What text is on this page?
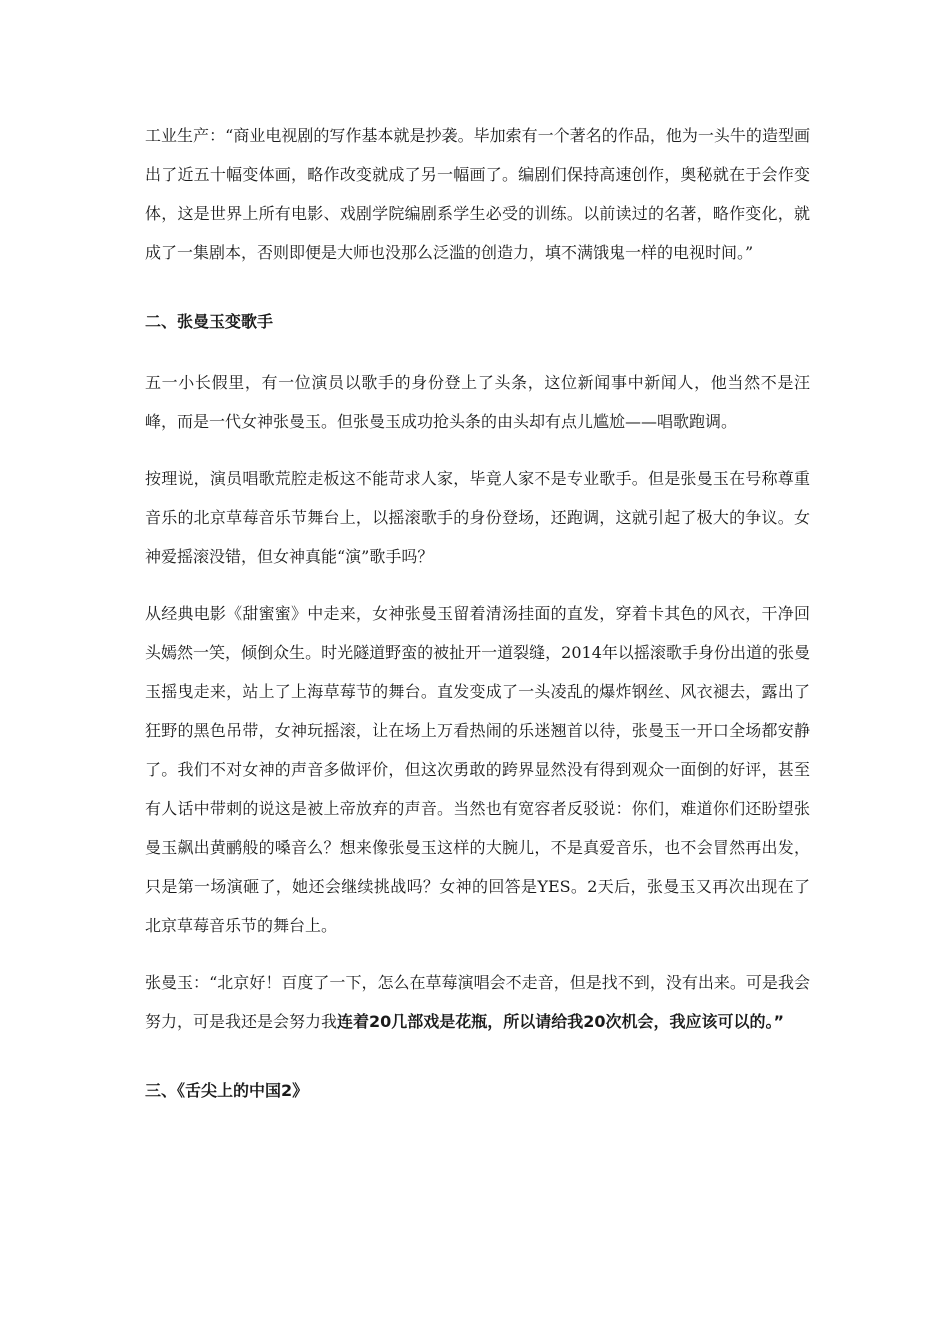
工业生产：“商业电视剧的写作基本就是抄袭。毕加索有一个著名的作品，他为一头牛的造型画出了近五十幅变体画，略作改变就成了另一幅画了。编剧们保持高速创作，奥秘就在于会作变体，这是世界上所有电影、戏剧学院编剧系学生必受的训练。以前读过的名著，略作变化，就成了一集剧本，否则即便是大师也没那么泛滥的创造力，填不满饿鬼一样的电视时间。”

二、张曼玉变歌手

五一小长假里，有一位演员以歌手的身份登上了头条，这位新闻事中新闻人，他当然不是汪峰，而是一代女神张曼玉。但张曼玉成功抢头条的由头却有点儿尴尬——唱歌跑调。

按理说，演员唱歌荒腔走板这不能苛求人家，毕竟人家不是专业歌手。但是张曼玉在号称尊重音乐的北京草莓音乐节舞台上，以摇滚歌手的身份登场，还跑调，这就引起了极大的争议。女神爱摇滚没错，但女神真能“演”歌手吗？

从经典电影《甜蜜蜜》中走来，女神张曼玉留着清汤挂面的直发，穿着卡其色的风衣，干净回头嫣然一笑，倾倒众生。时光隧道野蛮的被扯开一道裂缝，2014年以摇滚歌手身份出道的张曼玉摇曳走来，站上了上海草莓节的舞台。直发变成了一头凌乱的爆炸钢丝、风衣褪去，露出了狂野的黑色吊带，女神玩摇滚，让在场上万看热闹的乐迷翘首以待，张曼玉一开口全场都安静了。我们不对女神的声音多做评价，但这次勇敢的跨界显然没有得到观众一面倒的好评，甚至有人话中带刺的说这是被上帝放弃的声音。当然也有宽容者反驳说：你们，难道你们还盼望张曼玉飙出黄鹂般的嗓音么？想来像张曼玉这样的大腕儿，不是真爱音乐，也不会冒然再出发，只是第一场演砸了，她还会继续挑战吗？女神的回答是YES。2天后，张曼玉又再次出现在了北京草莓音乐节的舞台上。

张曼玉：“北京好！百度了一下，怎么在草莓演唱会不走音，但是找不到，没有出来。可是我会努力，可是我还是会努力我连着20几部戏是花瓶，所以请给我20次机会，我应该可以的。”

三、《舌尖上的中国2》
